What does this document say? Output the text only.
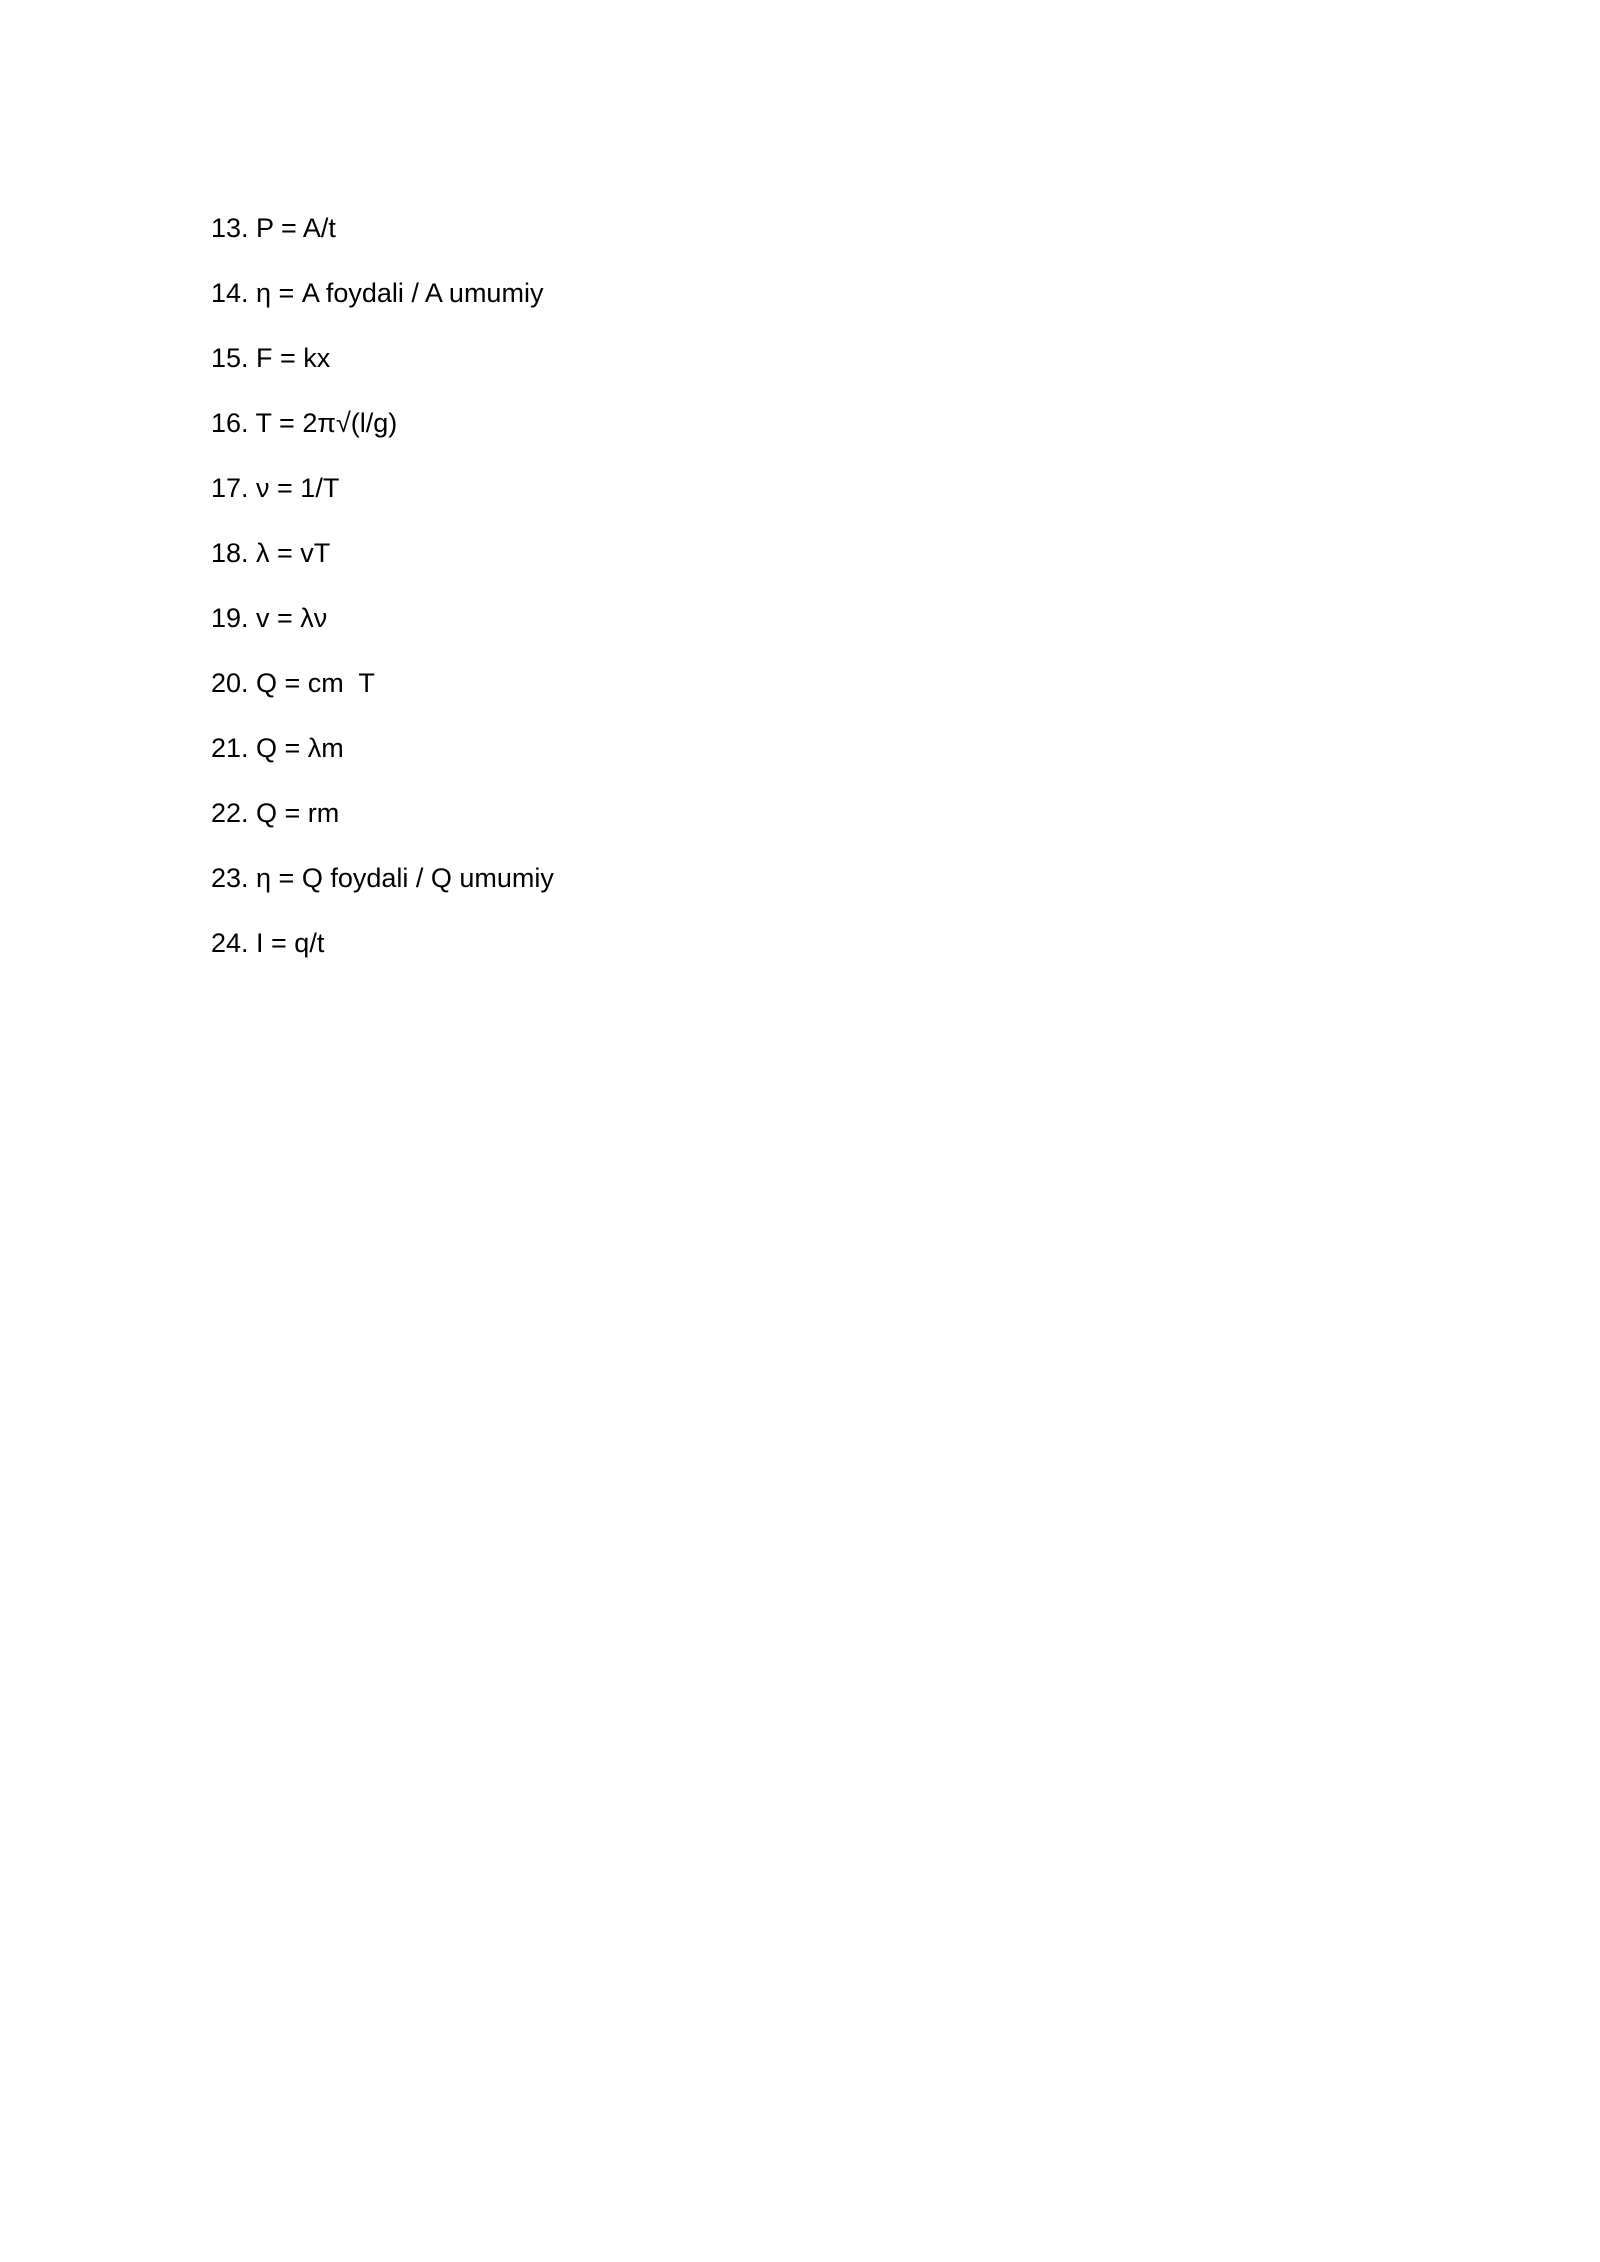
13. P = A/t
14. η = A foydali / A umumiy
15. F = kx
16. T = 2π√(l/g)
17. ν = 1/T
18. λ = vT
19. v = λν
20. Q = cm  T
21. Q = λm
22. Q = rm
23. η = Q foydali / Q umumiy
24. I = q/t
